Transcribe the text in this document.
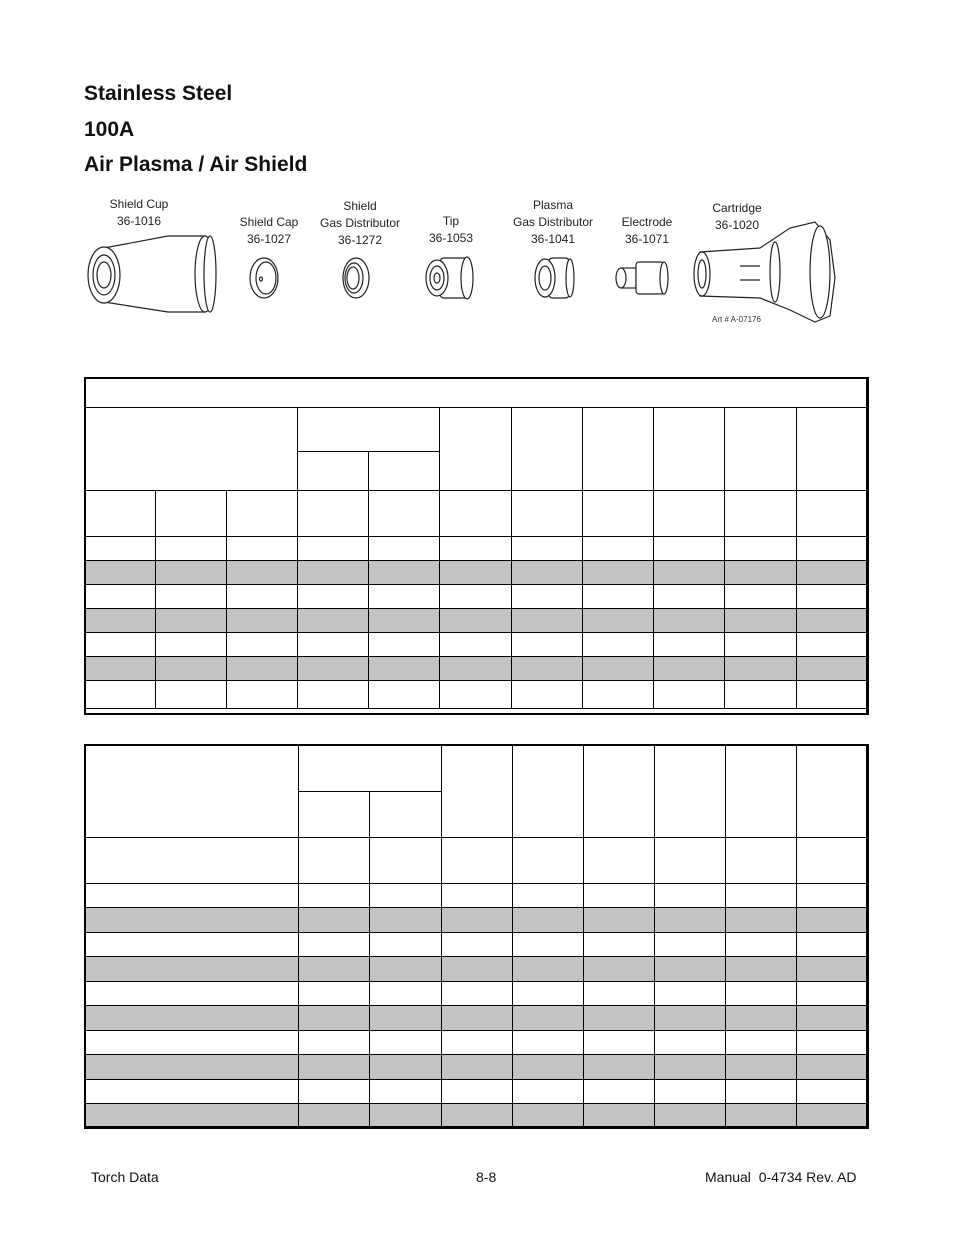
Stainless Steel
100A
Air Plasma / Air Shield
Shield Cup
36-1016	Shield Cap
36-1027
Shield
Gas Distributor
36-1272
Tip
36-1053
Plasma
Gas Distributor
36-1041
Electrode
36-1071
Cartridge
36-1020
Art # A-07176

Torch Data	8-8	Manual  0-4734 Rev. AD
